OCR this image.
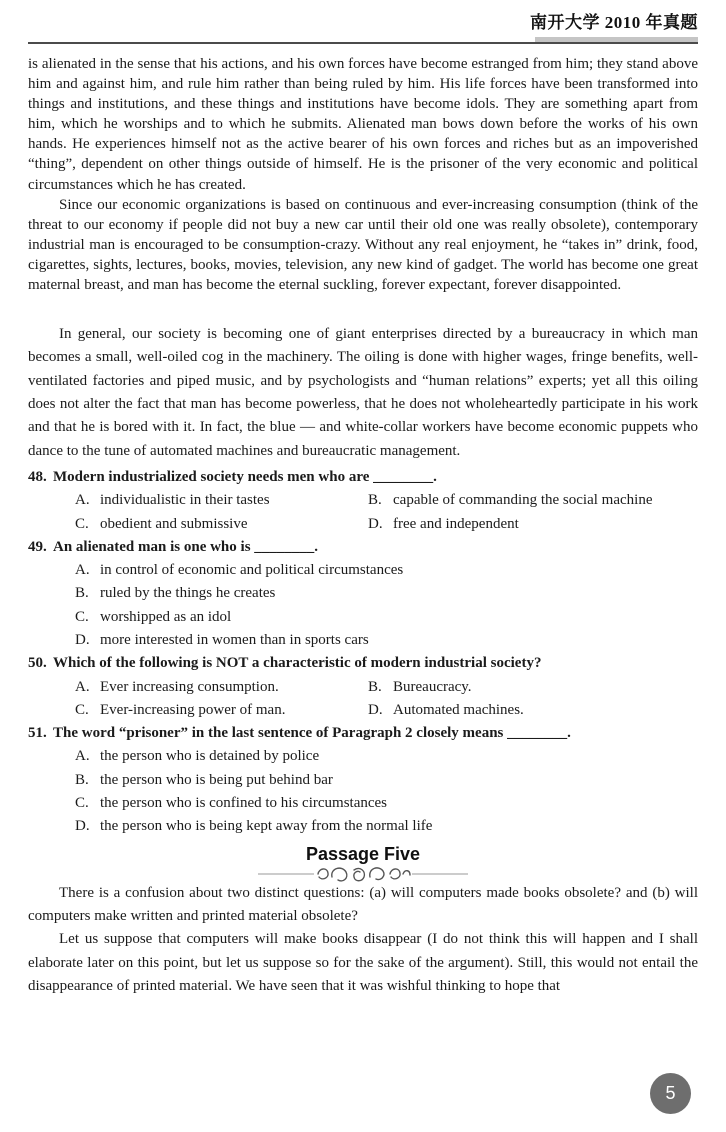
南开大学 2010 年真题

is alienated in the sense that his actions, and his own forces have become estranged from him; they stand above him and against him, and rule him rather than being ruled by him. His life forces have been transformed into things and institutions, and these things and institutions have become idols. They are something apart from him, which he worships and to which he submits. Alienated man bows down before the works of his own hands. He experiences himself not as the active bearer of his own forces and riches but as an impoverished “thing”, dependent on other things outside of himself. He is the prisoner of the very economic and political circumstances which he has created.

Since our economic organizations is based on continuous and ever-increasing consumption (think of the threat to our economy if people did not buy a new car until their old one was really obsolete), contemporary industrial man is encouraged to be consumption-crazy. Without any real enjoyment, he “takes in” drink, food, cigarettes, sights, lectures, books, movies, television, any new kind of gadget. The world has become one great maternal breast, and man has become the eternal suckling, forever expectant, forever disappointed.

In general, our society is becoming one of giant enterprises directed by a bureaucracy in which man becomes a small, well-oiled cog in the machinery. The oiling is done with higher wages, fringe benefits, well-ventilated factories and piped music, and by psychologists and “human relations” experts; yet all this oiling does not alter the fact that man has become powerless, that he does not wholeheartedly participate in his work and that he is bored with it. In fact, the blue — and white-collar workers have become economic puppets who dance to the tune of automated machines and bureaucratic management.

48. Modern industrialized society needs men who are ________.
A. individualistic in their tastes	B. capable of commanding the social machine
C. obedient and submissive	D. free and independent
49. An alienated man is one who is ________.
A. in control of economic and political circumstances
B. ruled by the things he creates
C. worshipped as an idol
D. more interested in women than in sports cars
50. Which of the following is NOT a characteristic of modern industrial society?
A. Ever increasing consumption.	B. Bureaucracy.
C. Ever-increasing power of man.	D. Automated machines.
51. The word “prisoner” in the last sentence of Paragraph 2 closely means ________.
A. the person who is detained by police
B. the person who is being put behind bar
C. the person who is confined to his circumstances
D. the person who is being kept away from the normal life
Passage Five

There is a confusion about two distinct questions: (a) will computers made books obsolete? and (b) will computers make written and printed material obsolete?

Let us suppose that computers will make books disappear (I do not think this will happen and I shall elaborate later on this point, but let us suppose so for the sake of the argument). Still, this would not entail the disappearance of printed material. We have seen that it was wishful thinking to hope that

5
